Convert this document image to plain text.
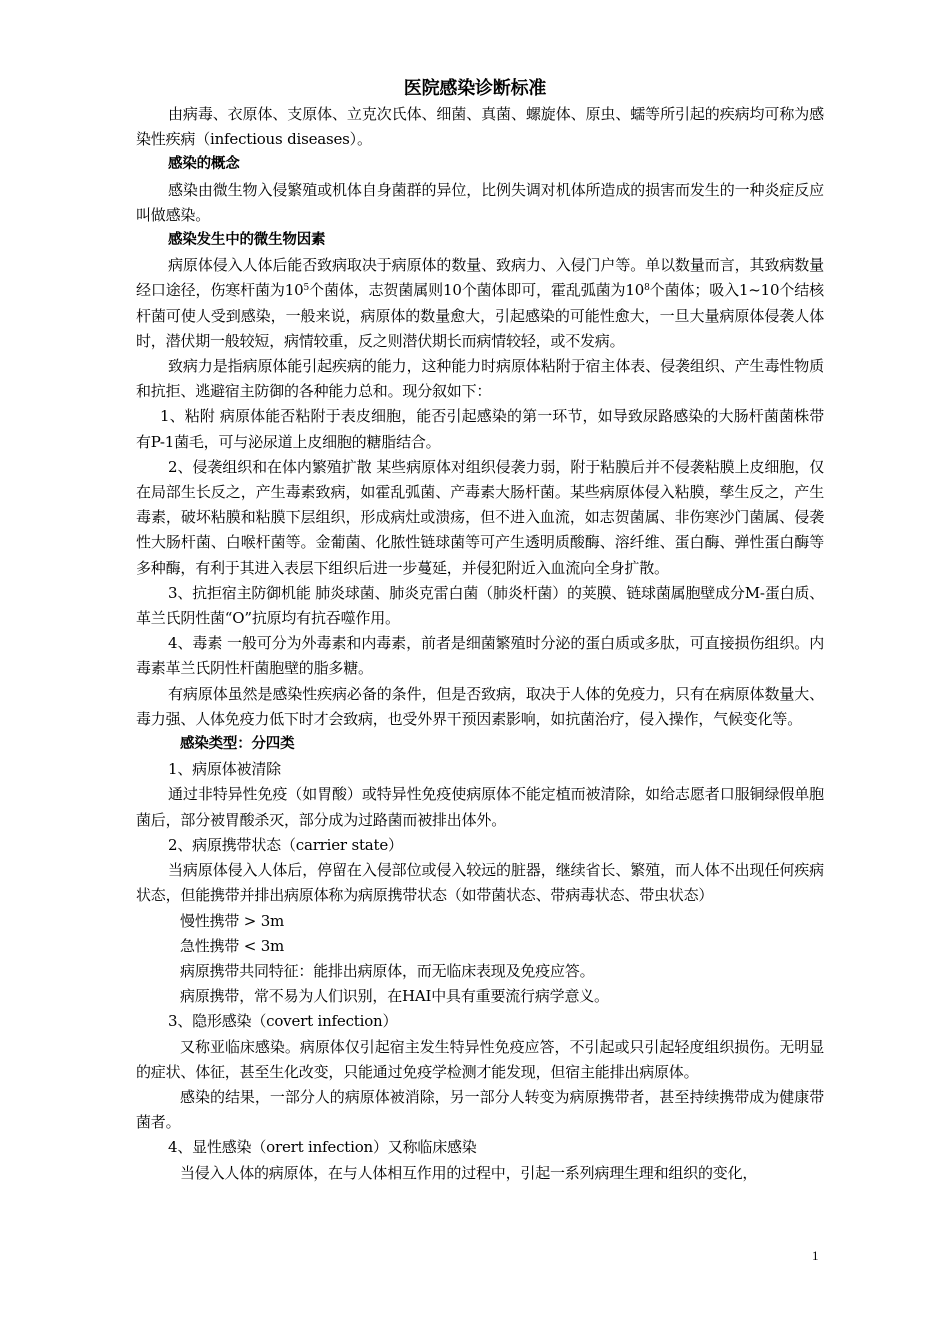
医院感染诊断标准

由病毒、衣原体、支原体、立克次氏体、细菌、真菌、螺旋体、原虫、蠕等所引起的疾病均可称为感染性疾病（infectious diseases）。

感染的概念

感染由微生物入侵繁殖或机体自身菌群的异位，比例失调对机体所造成的损害而发生的一种炎症反应叫做感染。

感染发生中的微生物因素

病原体侵入人体后能否致病取决于病原体的数量、致病力、入侵门户等。单以数量而言，其致病数量经口途径，伤寒杆菌为$10^5$个菌体，志贺菌属则10个菌体即可，霍乱弧菌为$10^8$个菌体；吸入1~10个结核杆菌可使人受到感染，一般来说，病原体的数量愈大，引起感染的可能性愈大，一旦大量病原体侵袭人体时，潜伏期一般较短，病情较重，反之则潜伏期长而病情较轻，或不发病。

致病力是指病原体能引起疾病的能力，这种能力时病原体粘附于宿主体表、侵袭组织、产生毒性物质和抗拒、逃避宿主防御的各种能力总和。现分叙如下：

1、粘附 病原体能否粘附于表皮细胞，能否引起感染的第一环节，如导致尿路感染的大肠杆菌菌株带有P-1菌毛，可与泌尿道上皮细胞的糖脂结合。

2、侵袭组织和在体内繁殖扩散 某些病原体对组织侵袭力弱，附于粘膜后并不侵袭粘膜上皮细胞，仅在局部生长反之，产生毒素致病，如霍乱弧菌、产毒素大肠杆菌。某些病原体侵入粘膜，孳生反之，产生毒素，破坏粘膜和粘膜下层组织，形成病灶或溃疡，但不进入血流，如志贺菌属、非伤寒沙门菌属、侵袭性大肠杆菌、白喉杆菌等。金葡菌、化脓性链球菌等可产生透明质酸酶、溶纤维、蛋白酶、弹性蛋白酶等多种酶，有利于其进入表层下组织后进一步蔓延，并侵犯附近入血流向全身扩散。

3、抗拒宿主防御机能 肺炎球菌、肺炎克雷白菌（肺炎杆菌）的荚膜、链球菌属胞壁成分M-蛋白质、革兰氏阴性菌“O”抗原均有抗吞噬作用。

4、毒素 一般可分为外毒素和内毒素，前者是细菌繁殖时分泌的蛋白质或多肽，可直接损伤组织。内毒素革兰氏阴性杆菌胞壁的脂多糖。

有病原体虽然是感染性疾病必备的条件，但是否致病，取决于人体的免疫力，只有在病原体数量大、毒力强、人体免疫力低下时才会致病，也受外界干预因素影响，如抗菌治疗，侵入操作，气候变化等。

感染类型：分四类

1、病原体被清除

通过非特异性免疫（如胃酸）或特异性免疫使病原体不能定植而被清除，如给志愿者口服铜绿假单胞菌后，部分被胃酸杀灭，部分成为过路菌而被排出体外。

2、病原携带状态（carrier state）

当病原体侵入人体后，停留在入侵部位或侵入较远的脏器，继续省长、繁殖，而人体不出现任何疾病状态，但能携带并排出病原体称为病原携带状态（如带菌状态、带病毒状态、带虫状态）

慢性携带 > 3m

急性携带 < 3m

病原携带共同特征：能排出病原体，而无临床表现及免疫应答。

病原携带，常不易为人们识别，在HAI中具有重要流行病学意义。

3、隐形感染（covert infection）

又称亚临床感染。病原体仅引起宿主发生特异性免疫应答，不引起或只引起轻度组织损伤。无明显的症状、体征，甚至生化改变，只能通过免疫学检测才能发现，但宿主能排出病原体。

感染的结果，一部分人的病原体被消除，另一部分人转变为病原携带者，甚至持续携带成为健康带菌者。

4、显性感染（orert infection）又称临床感染

当侵入人体的病原体，在与人体相互作用的过程中，引起一系列病理生理和组织的变化，

1
